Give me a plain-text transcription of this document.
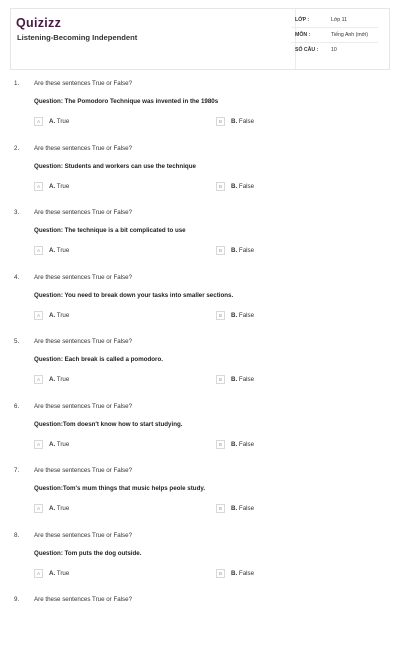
Quizizz
Listening-Becoming Independent
LỚP :	Lớp 11
MÔN :	Tiếng Anh (mới)
SỐ CÂU : 10
1. Are these sentences True or False?
Question: The Pomodoro Technique was invented in the 1980s
A	A. True	B	B. False
2. Are these sentences True or False?
Question: Students and workers can use the technique
A	A. True	B	B. False
3. Are these sentences True or False?
Question: The technique is a bit complicated to use
A	A. True	B	B. False
4. Are these sentences True or False?
Question: You need to break down your tasks into smaller sections.
A	A. True	B	B. False
5. Are these sentences True or False?
Question: Each break is called a pomodoro.
A	A. True	B	B. False
6. Are these sentences True or False?
Question:Tom doesn't know how to start studying.
A	A. True	B	B. False
7. Are these sentences True or False?
Question:Tom's mum things that music helps peole study.
A	A. True	B	B. False
8. Are these sentences True or False?
Question: Tom puts the dog outside.
A	A. True	B	B. False
9. Are these sentences True or False?
